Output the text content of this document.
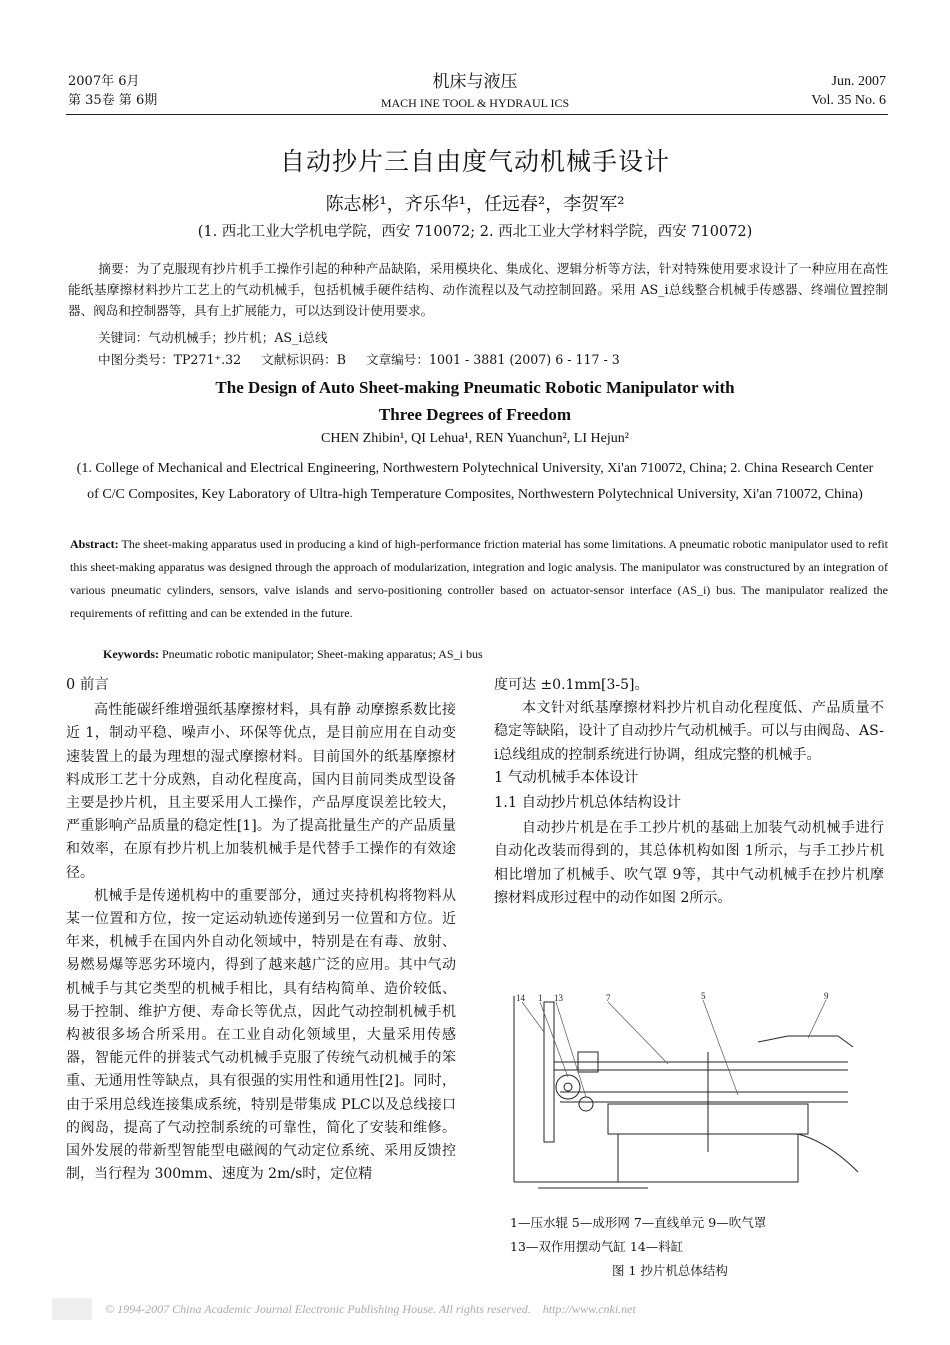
2007年 6月
第 35卷 第 6期
机床与液压
MACH INE TOOL & HYDRAUL ICS
Jun. 2007
Vol. 35 No. 6
自动抄片三自由度气动机械手设计
陈志彬¹，齐乐华¹，任远春²，李贺军²
(1. 西北工业大学机电学院，西安 710072; 2. 西北工业大学材料学院，西安 710072)
摘要：为了克服现有抄片机手工操作引起的种种产品缺陷，采用模块化、集成化、逻辑分析等方法，针对特殊使用要求设计了一种应用在高性能纸基摩擦材料抄片工艺上的气动机械手，包括机械手硬件结构、动作流程以及气动控制回路。采用 AS_i总线整合机械手传感器、终端位置控制器、阀岛和控制器等，具有上扩展能力，可以达到设计使用要求。
关键词：气动机械手；抄片机；AS_i总线
中图分类号：TP271⁺.32     文献标识码：B     文章编号：1001 - 3881 (2007) 6 - 117 - 3
The Design of Auto Sheet-making Pneumatic Robotic Manipulator with
Three Degrees of Freedom
CHEN Zhibin¹, QI Lehua¹, REN Yuanchun², LI Hejun²
(1. College of Mechanical and Electrical Engineering, Northwestern Polytechnical University, Xi'an 710072, China; 2. China Research Center of C/C Composites, Key Laboratory of Ultra-high Temperature Composites, Northwestern Polytechnical University, Xi'an 710072, China)
Abstract: The sheet-making apparatus used in producing a kind of high-performance friction material has some limitations. A pneumatic robotic manipulator used to refit this sheet-making apparatus was designed through the approach of modularization, integration and logic analysis. The manipulator was constructured by an integration of various pneumatic cylinders, sensors, valve islands and servo-positioning controller based on actuator-sensor interface (AS_i) bus. The manipulator realized the requirements of refitting and can be extended in the future.
Keywords: Pneumatic robotic manipulator; Sheet-making apparatus; AS_i bus

0 前言

高性能碳纤维增强纸基摩擦材料，具有静 动摩擦系数比接近 1，制动平稳、噪声小、环保等优点，是目前应用在自动变速装置上的最为理想的湿式摩擦材料。目前国外的纸基摩擦材料成形工艺十分成熟，自动化程度高，国内目前同类成型设备主要是抄片机，且主要采用人工操作，产品厚度误差比较大，严重影响产品质量的稳定性[1]。为了提高批量生产的产品质量和效率，在原有抄片机上加装机械手是代替手工操作的有效途径。

机械手是传递机构中的重要部分，通过夹持机构将物料从某一位置和方位，按一定运动轨迹传递到另一位置和方位。近年来，机械手在国内外自动化领域中，特别是在有毒、放射、易燃易爆等恶劣环境内，得到了越来越广泛的应用。其中气动机械手与其它类型的机械手相比，具有结构简单、造价较低、易于控制、维护方便、寿命长等优点，因此气动控制机械手机构被很多场合所采用。在工业自动化领域里，大量采用传感器，智能元件的拼装式气动机械手克服了传统气动机械手的笨重、无通用性等缺点，具有很强的实用性和通用性[2]。同时，由于采用总线连接集成系统，特别是带集成 PLC以及总线接口的阀岛，提高了气动控制系统的可靠性，简化了安装和维修。国外发展的带新型智能型电磁阀的气动定位系统、采用反馈控制，当行程为 300mm、速度为 2m/s时，定位精

度可达 ±0.1mm[3-5]。

本文针对纸基摩擦材料抄片机自动化程度低、产品质量不稳定等缺陷，设计了自动抄片气动机械手。可以与由阀岛、AS-i总线组成的控制系统进行协调，组成完整的机械手。

1 气动机械手本体设计

1.1 自动抄片机总体结构设计

自动抄片机是在手工抄片机的基础上加装气动机械手进行自动化改装而得到的，其总体机构如图 1所示，与手工抄片机相比增加了机械手、吹气罩 9等，其中气动机械手在抄片机摩擦材料成形过程中的动作如图 2所示。

14 1 13	7	5	9
1—压水辊 5—成形网 7—直线单元 9—吹气罩
13—双作用摆动气缸 14—料缸
图 1 抄片机总体结构
© 1994-2007 China Academic Journal Electronic Publishing House. All rights reserved.    http://www.cnki.net
